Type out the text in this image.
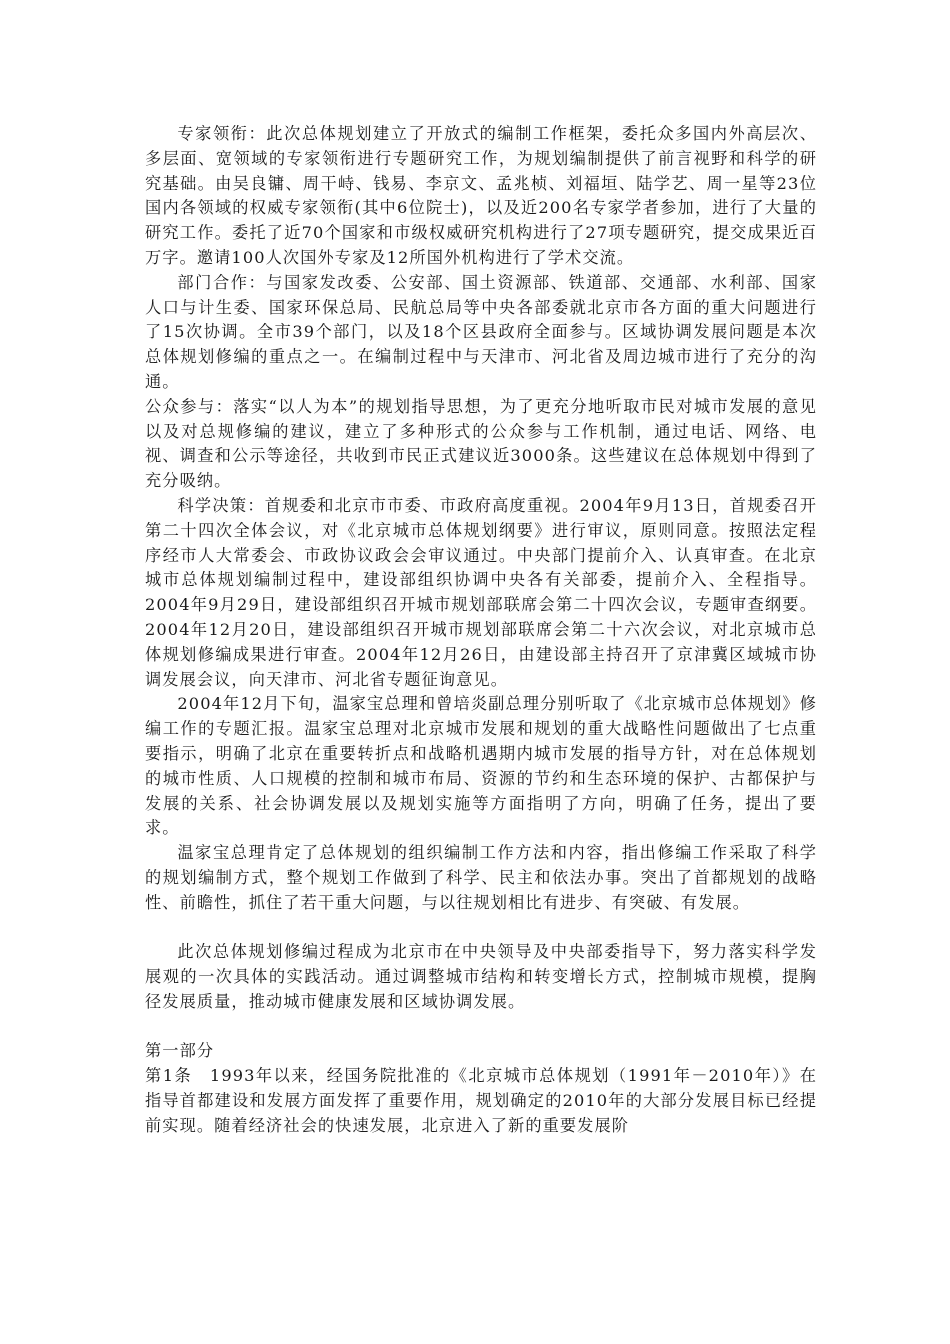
专家领衔：此次总体规划建立了开放式的编制工作框架，委托众多国内外高层次、多层面、宽领域的专家领衔进行专题研究工作，为规划编制提供了前言视野和科学的研究基础。由吴良镛、周干峙、钱易、李京文、孟兆桢、刘福垣、陆学艺、周一星等23位国内各领域的权威专家领衔(其中6位院士)，以及近200名专家学者参加，进行了大量的研究工作。委托了近70个国家和市级权威研究机构进行了27项专题研究，提交成果近百万字。邀请100人次国外专家及12所国外机构进行了学术交流。

部门合作：与国家发改委、公安部、国土资源部、铁道部、交通部、水利部、国家人口与计生委、国家环保总局、民航总局等中央各部委就北京市各方面的重大问题进行了15次协调。全市39个部门，以及18个区县政府全面参与。区域协调发展问题是本次总体规划修编的重点之一。在编制过程中与天津市、河北省及周边城市进行了充分的沟通。

公众参与：落实“以人为本”的规划指导思想，为了更充分地听取市民对城市发展的意见以及对总规修编的建议，建立了多种形式的公众参与工作机制，通过电话、网络、电视、调查和公示等途径，共收到市民正式建议近3000条。这些建议在总体规划中得到了充分吸纳。

科学决策：首规委和北京市市委、市政府高度重视。2004年9月13日，首规委召开第二十四次全体会议，对《北京城市总体规划纲要》进行审议，原则同意。按照法定程序经市人大常委会、市政协议政会会审议通过。中央部门提前介入、认真审查。在北京城市总体规划编制过程中，建设部组织协调中央各有关部委，提前介入、全程指导。2004年9月29日，建设部组织召开城市规划部联席会第二十四次会议，专题审查纲要。2004年12月20日，建设部组织召开城市规划部联席会第二十六次会议，对北京城市总体规划修编成果进行审查。2004年12月26日，由建设部主持召开了京津冀区域城市协调发展会议，向天津市、河北省专题征询意见。

2004年12月下旬，温家宝总理和曾培炎副总理分别听取了《北京城市总体规划》修编工作的专题汇报。温家宝总理对北京城市发展和规划的重大战略性问题做出了七点重要指示，明确了北京在重要转折点和战略机遇期内城市发展的指导方针，对在总体规划的城市性质、人口规模的控制和城市布局、资源的节约和生态环境的保护、古都保护与发展的关系、社会协调发展以及规划实施等方面指明了方向，明确了任务，提出了要求。

温家宝总理肯定了总体规划的组织编制工作方法和内容，指出修编工作采取了科学的规划编制方式，整个规划工作做到了科学、民主和依法办事。突出了首都规划的战略性、前瞻性，抓住了若干重大问题，与以往规划相比有进步、有突破、有发展。

此次总体规划修编过程成为北京市在中央领导及中央部委指导下，努力落实科学发展观的一次具体的实践活动。通过调整城市结构和转变增长方式，控制城市规模，提胸径发展质量，推动城市健康发展和区域协调发展。

第一部分

第1条　1993年以来，经国务院批准的《北京城市总体规划（1991年－2010年）》在指导首都建设和发展方面发挥了重要作用，规划确定的2010年的大部分发展目标已经提前实现。随着经济社会的快速发展，北京进入了新的重要发展阶
